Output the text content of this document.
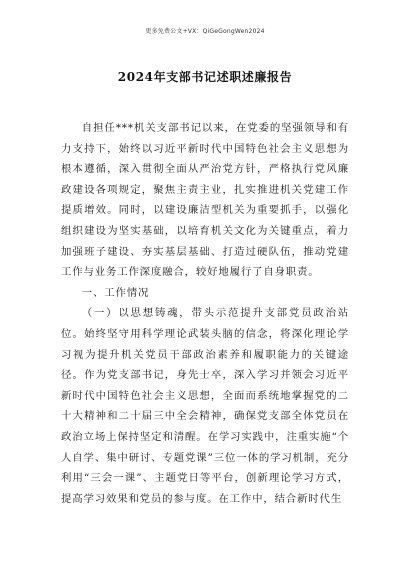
更多免费公文+VX：QiGeGongWen2024
2024年支部书记述职述廉报告

自担任***机关支部书记以来，在党委的坚强领导和有力支持下，始终以习近平新时代中国特色社会主义思想为根本遵循，深入贯彻全面从严治党方针，严格执行党风廉政建设各项规定，聚焦主责主业，扎实推进机关党建工作提质增效。同时，以建设廉洁型机关为重要抓手，以强化组织建设为坚实基础，以培育机关文化为关键重点，着力加强班子建设、夯实基层基础、打造过硬队伍，推动党建工作与业务工作深度融合，较好地履行了自身职责。

一、工作情况

（一）以思想铸魂，带头示范提升支部党员政治站位。始终坚守用科学理论武装头脑的信念，将深化理论学习视为提升机关党员干部政治素养和履职能力的关键途径。作为党支部书记，身先士卒，深入学习并领会习近平新时代中国特色社会主义思想，全面而系统地掌握党的二十大精神和二十届三中全会精神，确保党支部全体党员在政治立场上保持坚定和清醒。在学习实践中，注重实施“个人自学、集中研讨、专题党课”三位一体的学习机制，充分利用“三会一课”、主题党日等平台，创新理论学习方式，提高学习效果和党员的参与度。在工作中，结合新时代生
